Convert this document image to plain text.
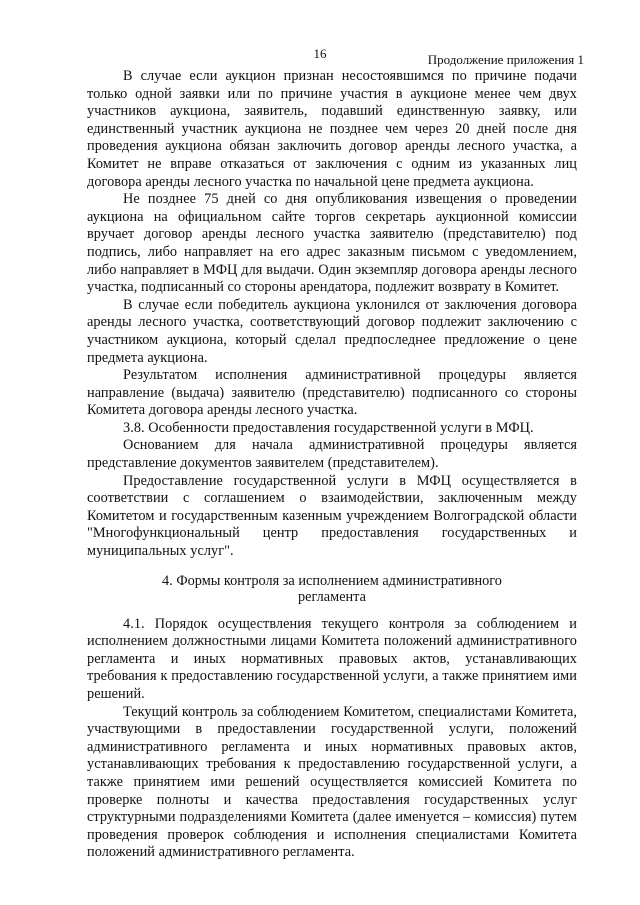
16	Продолжение приложения 1

В случае если аукцион признан несостоявшимся по причине подачи только одной заявки или по причине участия в аукционе менее чем двух участников аукциона, заявитель, подавший единственную заявку, или единственный участник аукциона не позднее чем через 20 дней после дня проведения аукциона обязан заключить договор аренды лесного участка, а Комитет не вправе отказаться от заключения с одним из указанных лиц договора аренды лесного участка по начальной цене предмета аукциона.

Не позднее 75 дней со дня опубликования извещения о проведении аукциона на официальном сайте торгов секретарь аукционной комиссии вручает договор аренды лесного участка заявителю (представителю) под подпись, либо направляет на его адрес заказным письмом с уведомлением, либо направляет в МФЦ для выдачи. Один экземпляр договора аренды лесного участка, подписанный со стороны арендатора, подлежит возврату в Комитет.

В случае если победитель аукциона уклонился от заключения договора аренды лесного участка, соответствующий договор подлежит заключению с участником аукциона, который сделал предпоследнее предложение о цене предмета аукциона.

Результатом исполнения административной процедуры является направление (выдача) заявителю (представителю) подписанного со стороны Комитета договора аренды лесного участка.

3.8. Особенности предоставления государственной услуги в МФЦ.

Основанием для начала административной процедуры является представление документов заявителем (представителем).

Предоставление государственной услуги в МФЦ осуществляется в соответствии с соглашением о взаимодействии, заключенным между Комитетом и государственным казенным учреждением Волгоградской области "Многофункциональный центр предоставления государственных и муниципальных услуг".

4. Формы контроля за исполнением административного
регламента

4.1. Порядок осуществления текущего контроля за соблюдением и исполнением должностными лицами Комитета положений административного регламента и иных нормативных правовых актов, устанавливающих требования к предоставлению государственной услуги, а также принятием ими решений.

Текущий контроль за соблюдением Комитетом, специалистами Комитета, участвующими в предоставлении государственной услуги, положений административного регламента и иных нормативных правовых актов, устанавливающих требования к предоставлению государственной услуги, а также принятием ими решений осуществляется комиссией Комитета по проверке полноты и качества предоставления государственных услуг структурными подразделениями Комитета (далее именуется – комиссия) путем проведения проверок соблюдения и исполнения специалистами Комитета положений административного регламента.
